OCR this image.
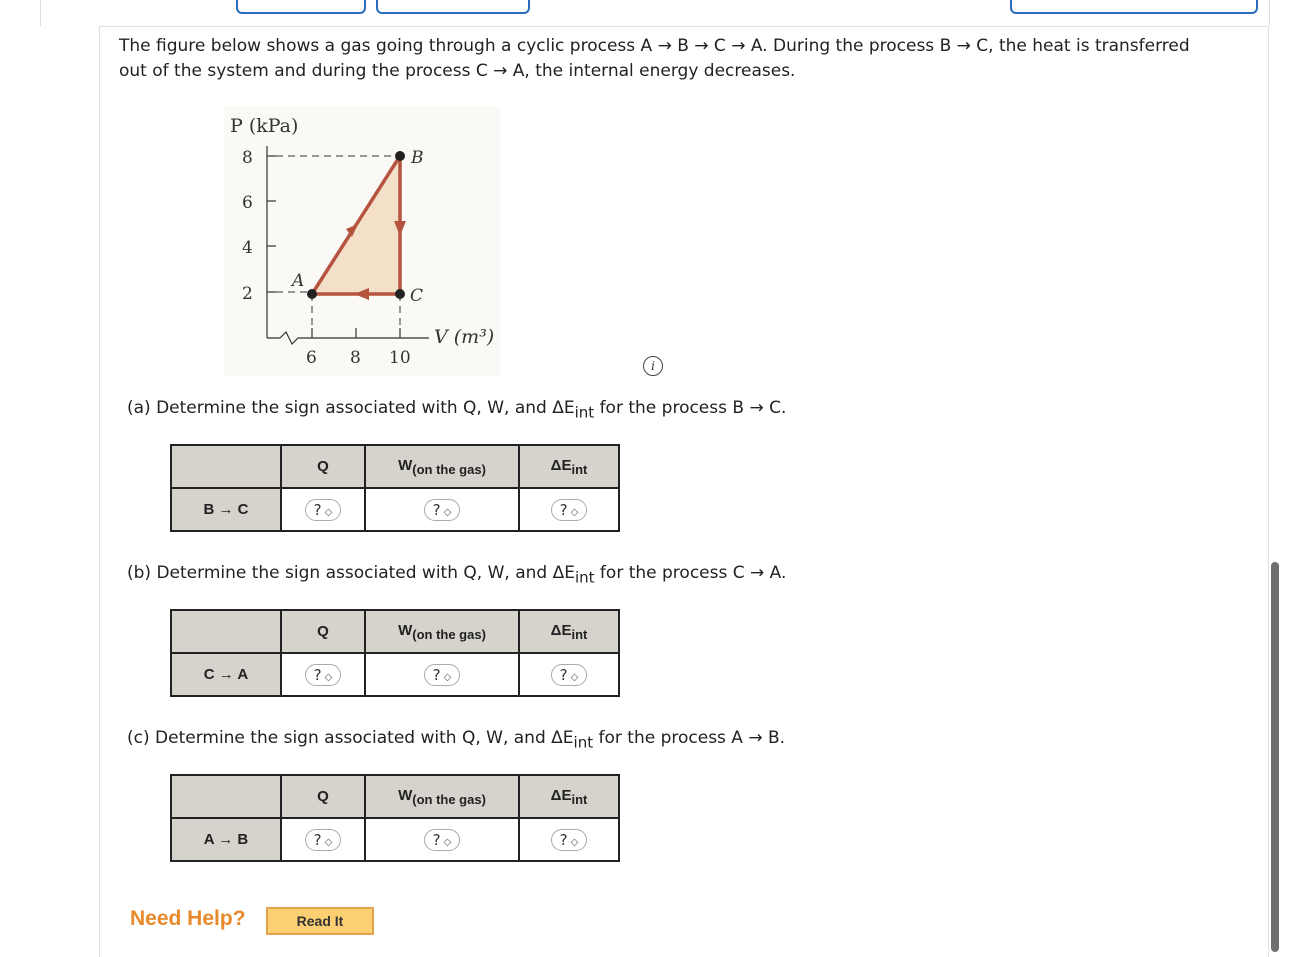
The figure below shows a gas going through a cyclic process A → B → C → A. During the process B → C, the heat is transferred
out of the system and during the process C → A, the internal energy decreases.
P (kPa)
8
6
4
2
6 8 10
V (m³)
A
B
C
i
(a) Determine the sign associated with Q, W, and $\Delta E_{int}$ for the process B → C.
	Q	$W_{(on the gas)}$	$\Delta E_{int}$
B → C	? ◇	? ◇	? ◇
(b) Determine the sign associated with Q, W, and $\Delta E_{int}$ for the process C → A.
	Q	$W_{(on the gas)}$	$\Delta E_{int}$
C → A	? ◇	? ◇	? ◇
(c) Determine the sign associated with Q, W, and $\Delta E_{int}$ for the process A → B.
	Q	$W_{(on the gas)}$	$\Delta E_{int}$
A → B	? ◇	? ◇	? ◇
Need Help?	Read It
